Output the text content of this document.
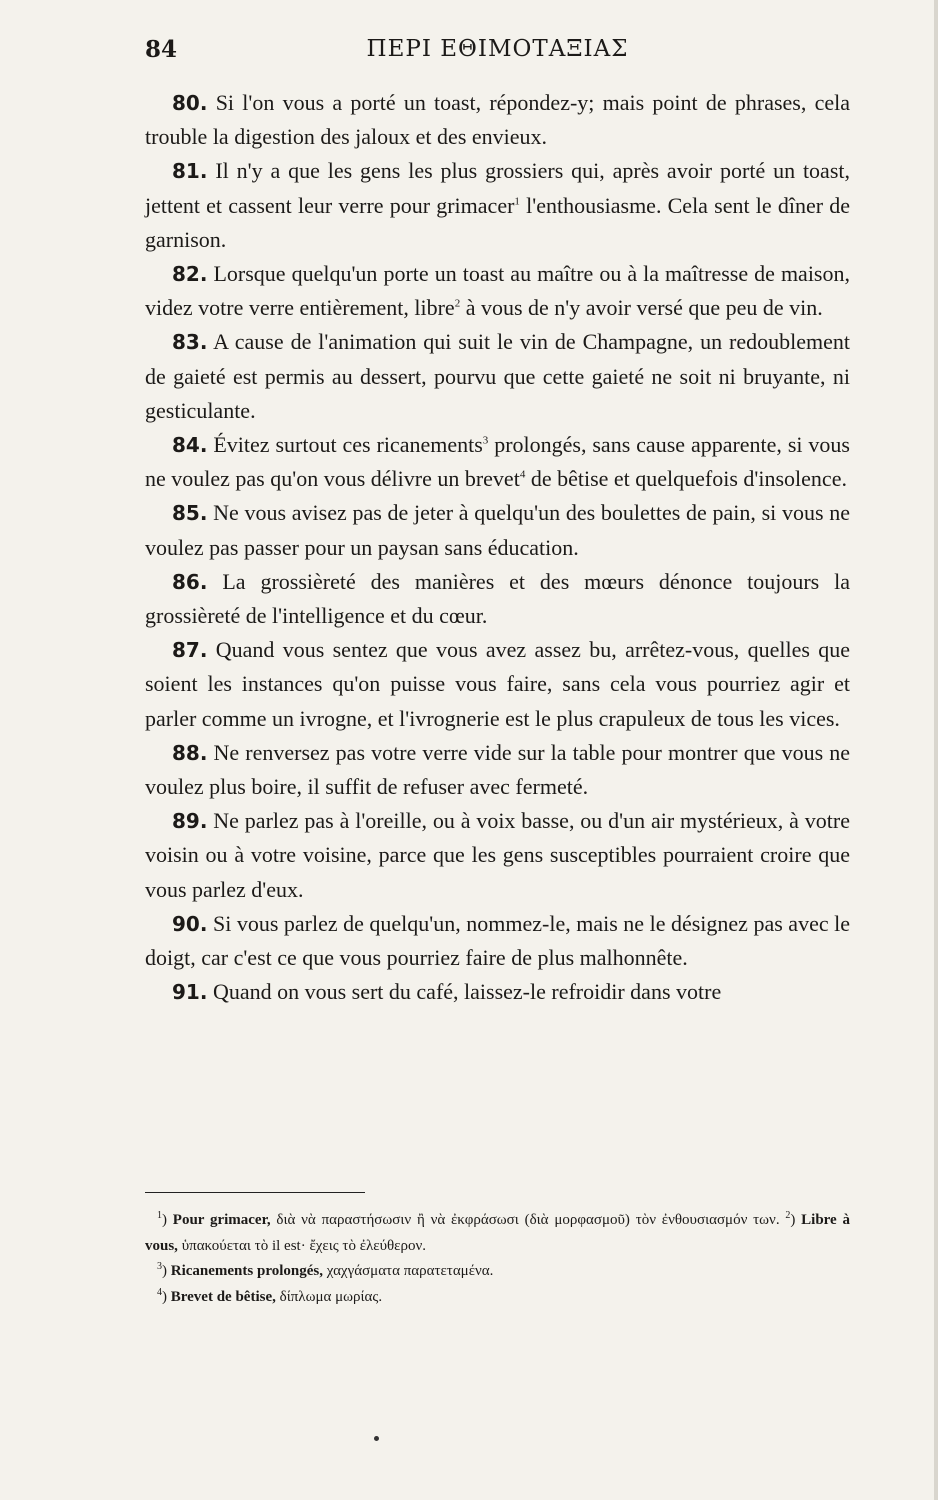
84	ΠΕΡΙ ΕΘΙΜΟΤΑΞΙΑΣ

80. Si l'on vous a porté un toast, répondez-y; mais point de phrases, cela trouble la digestion des jaloux et des envieux.

81. Il n'y a que les gens les plus grossiers qui, après avoir porté un toast, jettent et cassent leur verre pour grimacer$^1$ l'enthousiasme. Cela sent le dîner de garnison.

82. Lorsque quelqu'un porte un toast au maître ou à la maîtresse de maison, videz votre verre entièrement, libre$^2$ à vous de n'y avoir versé que peu de vin.

83. A cause de l'animation qui suit le vin de Champagne, un redoublement de gaieté est permis au dessert, pourvu que cette gaieté ne soit ni bruyante, ni gesticulante.

84. Évitez surtout ces ricanements$^3$ prolongés, sans cause apparente, si vous ne voulez pas qu'on vous délivre un brevet$^4$ de bêtise et quelquefois d'insolence.

85. Ne vous avisez pas de jeter à quelqu'un des boulettes de pain, si vous ne voulez pas passer pour un paysan sans éducation.

86. La grossièreté des manières et des mœurs dénonce toujours la grossièreté de l'intelligence et du cœur.

87. Quand vous sentez que vous avez assez bu, arrêtez-vous, quelles que soient les instances qu'on puisse vous faire, sans cela vous pourriez agir et parler comme un ivrogne, et l'ivrognerie est le plus crapuleux de tous les vices.

88. Ne renversez pas votre verre vide sur la table pour montrer que vous ne voulez plus boire, il suffit de refuser avec fermeté.

89. Ne parlez pas à l'oreille, ou à voix basse, ou d'un air mystérieux, à votre voisin ou à votre voisine, parce que les gens susceptibles pourraient croire que vous parlez d'eux.

90. Si vous parlez de quelqu'un, nommez-le, mais ne le désignez pas avec le doigt, car c'est ce que vous pourriez faire de plus malhonnête.

91. Quand on vous sert du café, laissez-le refroidir dans votre

$^1$) Pour grimacer, διὰ νὰ παραστήσωσιν ἢ νὰ ἐκφράσωσι (διὰ μορφασμοῦ) τὸν ἐνθουσιασμόν των. $^2$) Libre à vous, ὑπακούεται τὸ il est· ἔχεις τὸ ἐλεύθερον.

$^3$) Ricanements prolongés, χαχγάσματα παρατεταμένα.

$^4$) Brevet de bêtise, δίπλωμα μωρίας.
